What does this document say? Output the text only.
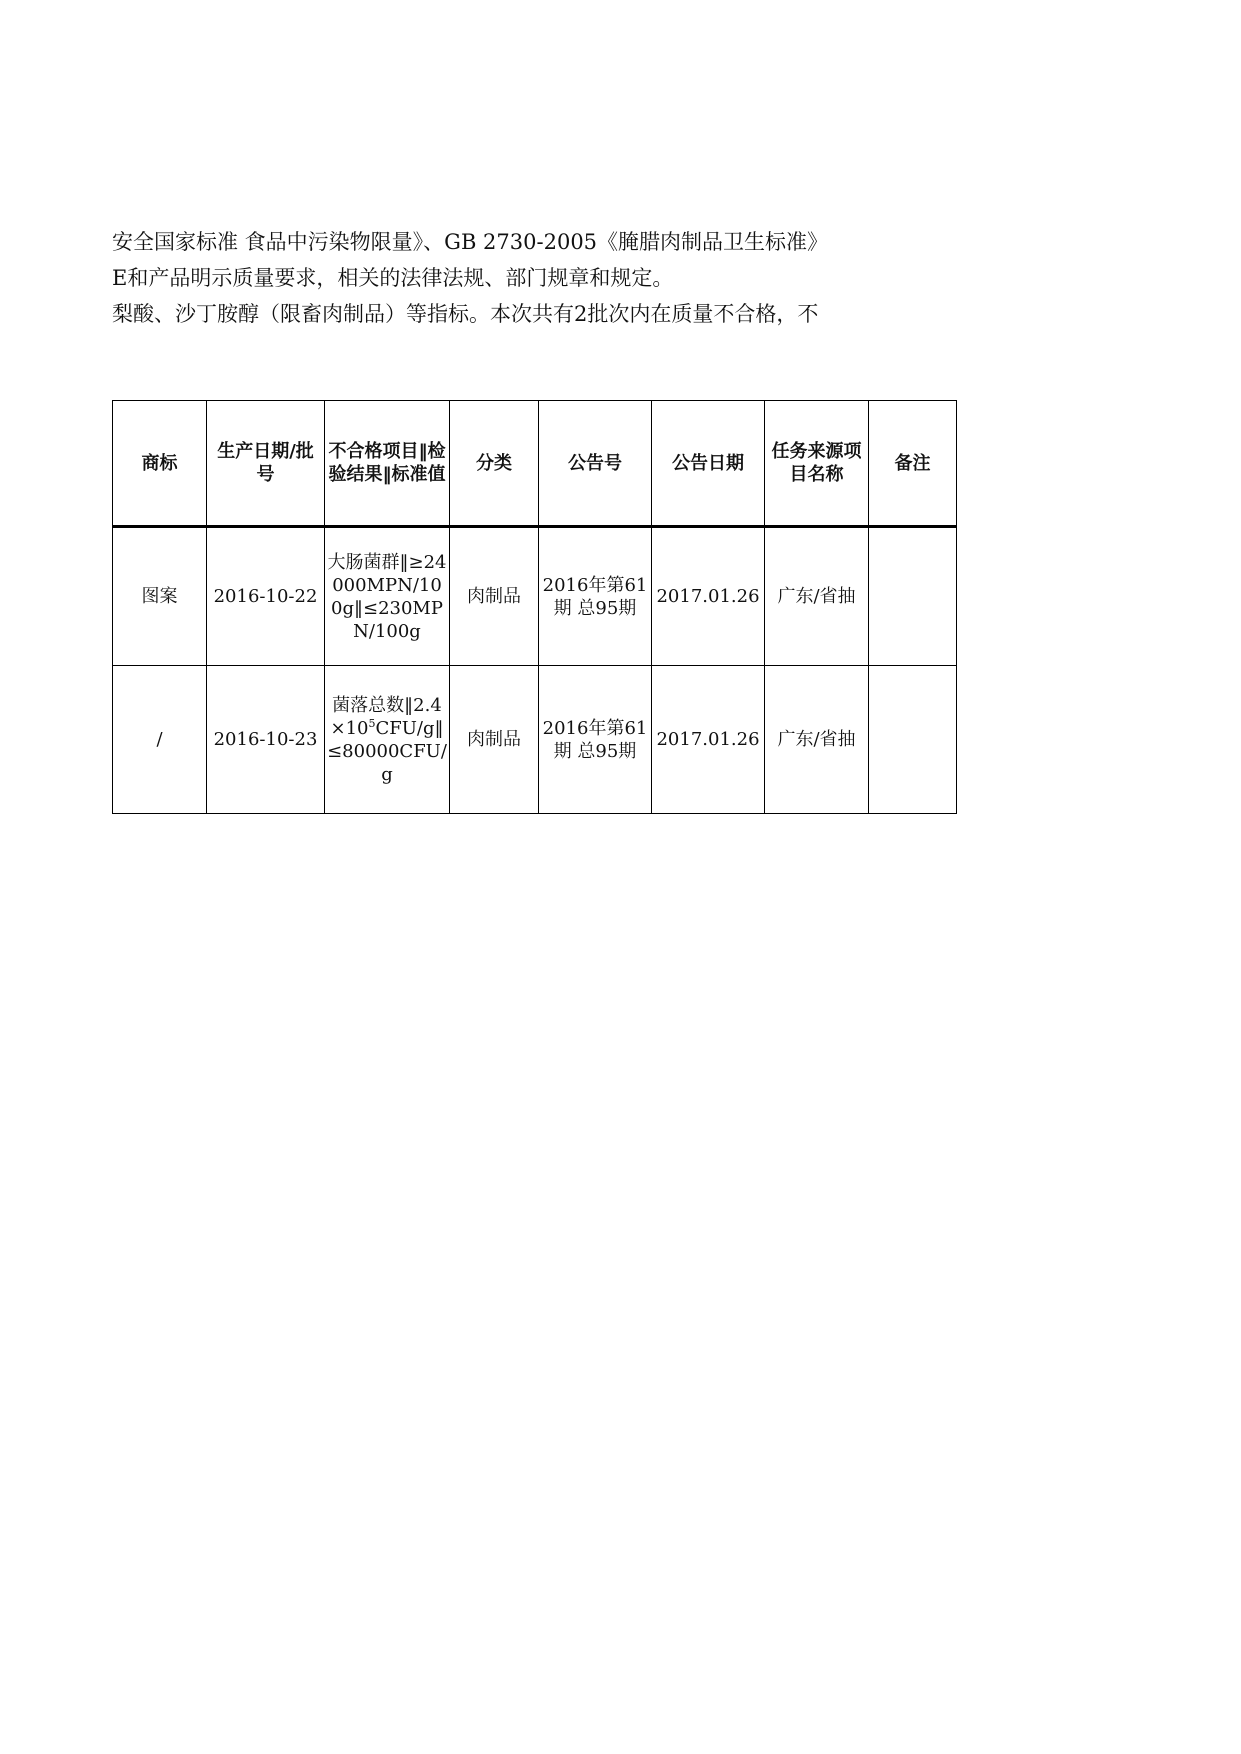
安全国家标准 食品中污染物限量》、GB 2730-2005《腌腊肉制品卫生标准》
E和产品明示质量要求，相关的法律法规、部门规章和规定。
梨酸、沙丁胺醇（限畜肉制品）等指标。本次共有2批次内在质量不合格，不
商标	生产日期/批号	不合格项目‖检验结果‖标准值	分类	公告号	公告日期	任务来源项目名称	备注
图案	2016-10-22	大肠菌群‖≥24000MPN/100g‖≤230MPN/100g	肉制品	2016年第61期 总95期	2017.01.26	广东/省抽	
/	2016-10-23	菌落总数$‖2.4\times 10^5CFU/g‖\le 80000CFU/g$	肉制品	2016年第61期 总95期	2017.01.26	广东/省抽	
